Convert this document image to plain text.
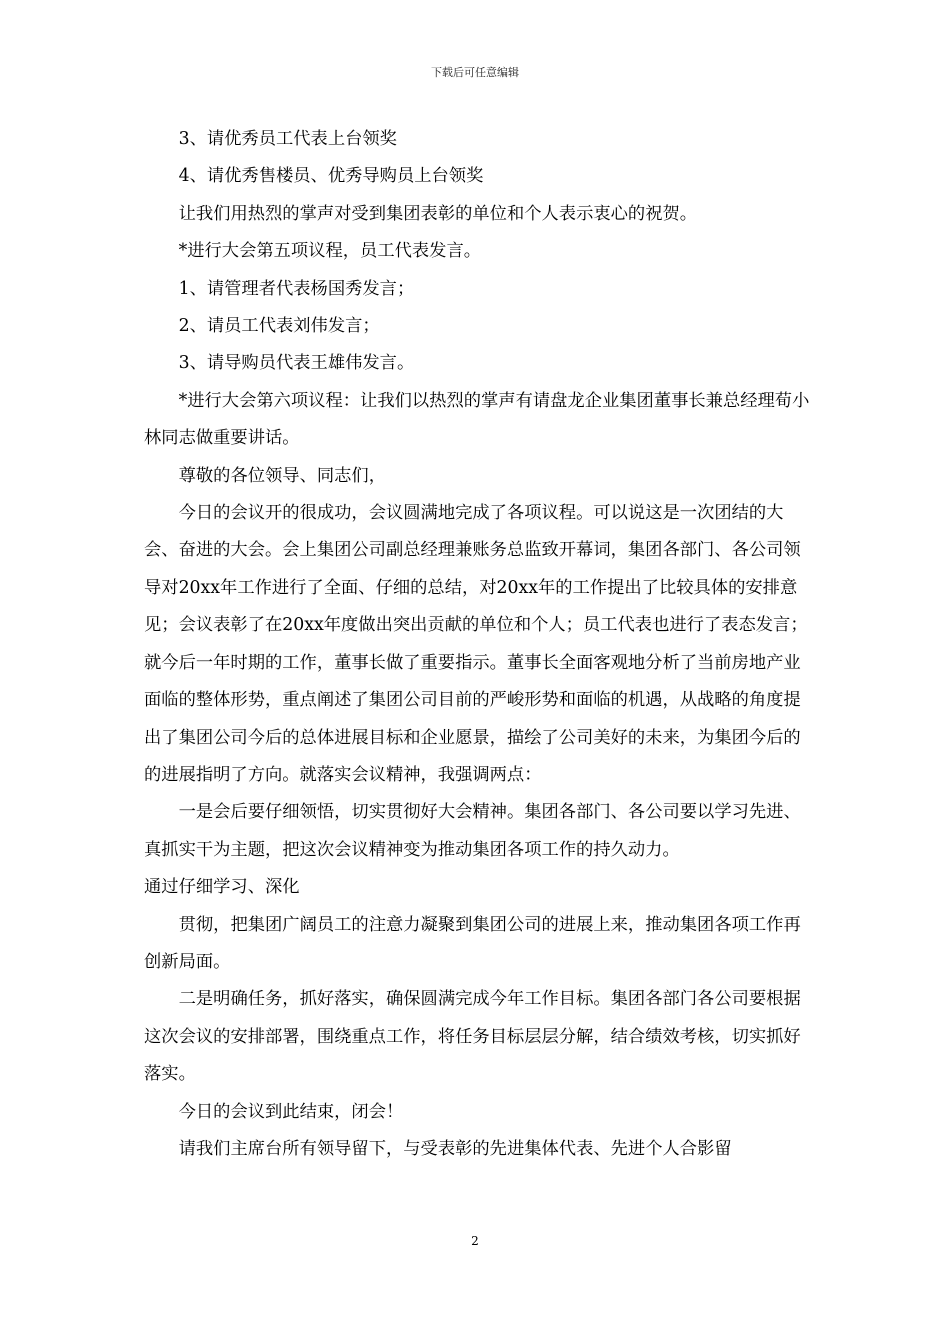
下载后可任意编辑

3、请优秀员工代表上台领奖

4、请优秀售楼员、优秀导购员上台领奖

让我们用热烈的掌声对受到集团表彰的单位和个人表示衷心的祝贺。

*进行大会第五项议程，员工代表发言。

1、请管理者代表杨国秀发言；

2、请员工代表刘伟发言；

3、请导购员代表王雄伟发言。

*进行大会第六项议程：让我们以热烈的掌声有请盘龙企业集团董事长兼总经理荀小林同志做重要讲话。

尊敬的各位领导、同志们，

今日的会议开的很成功，会议圆满地完成了各项议程。可以说这是一次团结的大会、奋进的大会。会上集团公司副总经理兼账务总监致开幕词，集团各部门、各公司领导对20xx年工作进行了全面、仔细的总结，对20xx年的工作提出了比较具体的安排意见；会议表彰了在20xx年度做出突出贡献的单位和个人；员工代表也进行了表态发言；就今后一年时期的工作，董事长做了重要指示。董事长全面客观地分析了当前房地产业面临的整体形势，重点阐述了集团公司目前的严峻形势和面临的机遇，从战略的角度提出了集团公司今后的总体进展目标和企业愿景，描绘了公司美好的未来，为集团今后的的进展指明了方向。就落实会议精神，我强调两点：

一是会后要仔细领悟，切实贯彻好大会精神。集团各部门、各公司要以学习先进、真抓实干为主题，把这次会议精神变为推动集团各项工作的持久动力。

通过仔细学习、深化

贯彻，把集团广阔员工的注意力凝聚到集团公司的进展上来，推动集团各项工作再创新局面。

二是明确任务，抓好落实，确保圆满完成今年工作目标。集团各部门各公司要根据这次会议的安排部署，围绕重点工作，将任务目标层层分解，结合绩效考核，切实抓好落实。

今日的会议到此结束，闭会！

请我们主席台所有领导留下，与受表彰的先进集体代表、先进个人合影留

2
